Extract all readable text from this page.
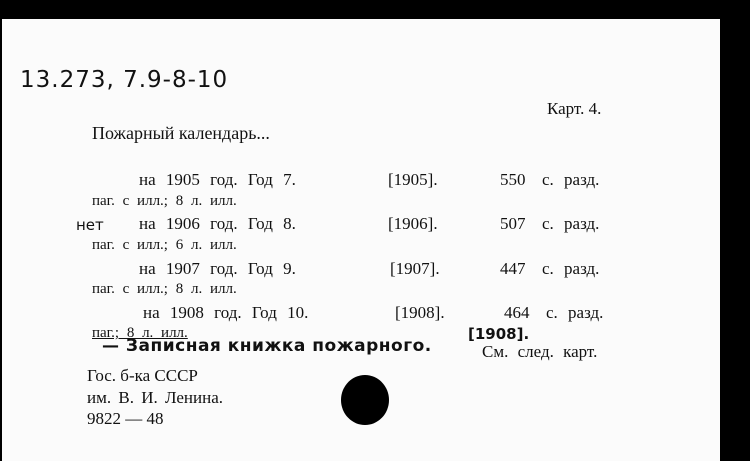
13.273, 7.9-8-10
Карт. 4.
Пожарный календарь...
на 1905 год. Год 7.	[1905].	550 с. разд.
паг. с илл.; 8 л. илл.
нет на 1906 год. Год 8.	[1906].	507 с. разд.
паг. с илл.; 6 л. илл.
на 1907 год. Год 9.	[1907].	447 с. разд.
паг. с илл.; 8 л. илл.
на 1908 год. Год 10.	[1908].	464 с. разд.
паг.; 8 л. илл.
— Записная книжка пожарного.
[1908].
См. след. карт.
Гос. б-ка СССР
им. В. И. Ленина.
9822 — 48
